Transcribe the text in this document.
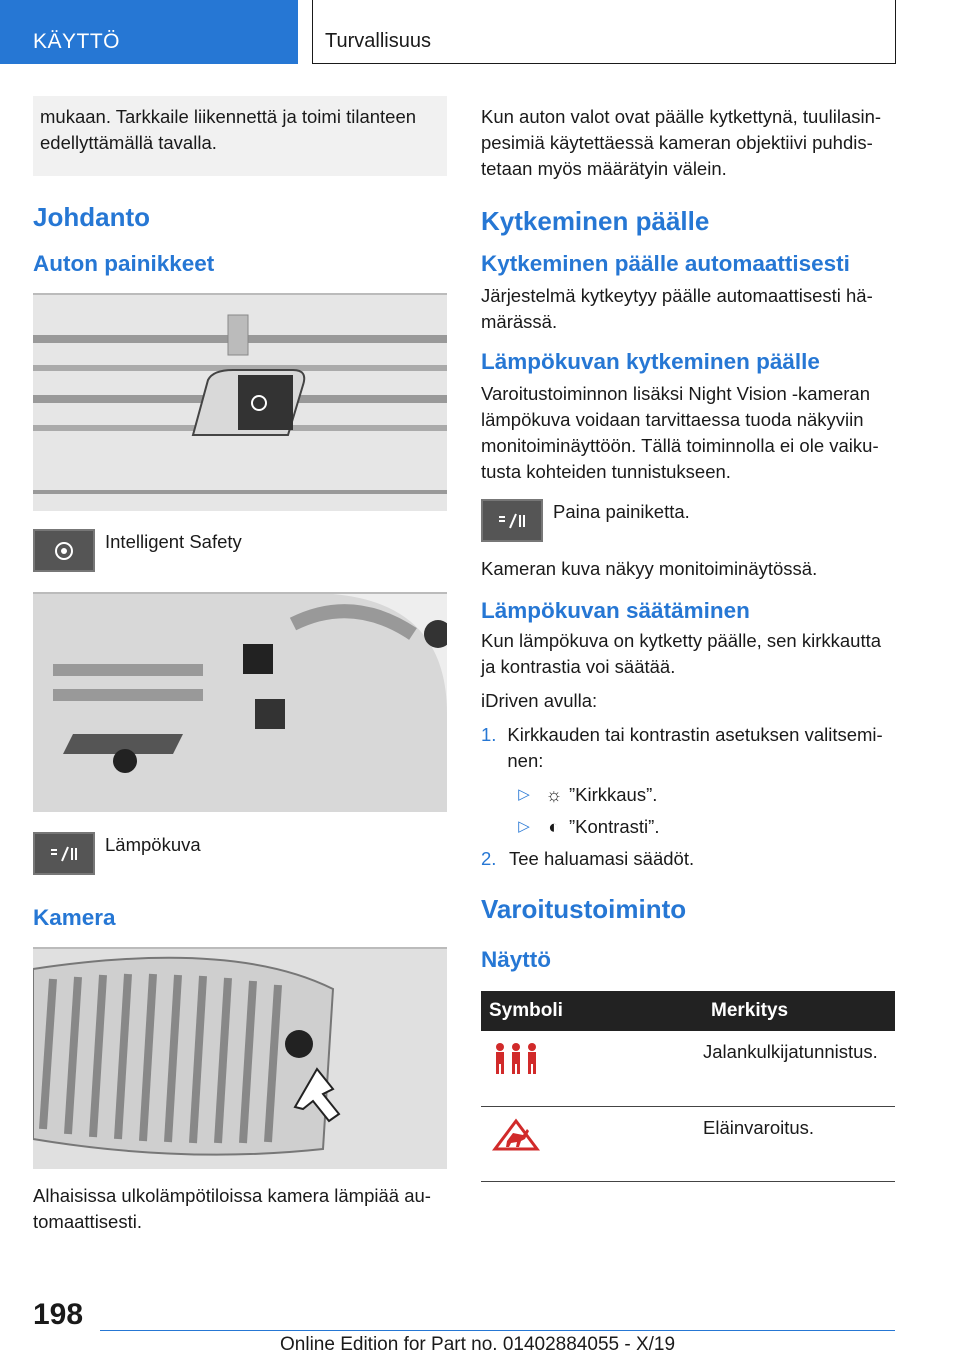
KÄYTTÖ	Turvallisuus
mukaan. Tarkkaile liikennettä ja toimi tilanteen edellyttämällä tavalla.
Johdanto
Auton painikkeet
Intelligent Safety
Lämpökuva
Kamera
Alhaisissa ulkolämpötiloissa kamera lämpiää au-tomaattisesti.
Kun auton valot ovat päälle kytkettynä, tuulilasin-pesimiä käytettäessä kameran objektiivi puhdis-tetaan myös määrätyin välein.
Kytkeminen päälle
Kytkeminen päälle automaattisesti
Järjestelmä kytkeytyy päälle automaattisesti hä-märässä.
Lämpökuvan kytkeminen päälle
Varoitustoiminnon lisäksi Night Vision -kameran lämpökuva voidaan tarvittaessa tuoda näkyviin monitoiminäyttöön. Tällä toiminnolla ei ole vaiku-tusta kohteiden tunnistukseen.
Paina painiketta.
Kameran kuva näkyy monitoiminäytössä.
Lämpökuvan säätäminen
Kun lämpökuva on kytketty päälle, sen kirkkautta ja kontrastia voi säätää.
iDriven avulla:
1. Kirkkauden tai kontrastin asetuksen valitsemi-nen:
▷ ☼ ”Kirkkaus”.
▷	◐ ”Kontrasti”.
2. Tee haluamasi säädöt.
Varoitustoiminto
Näyttö
Symboli	Merkitys
	Jalankulkijatunnistus.
	Eläinvaroitus.
198
Online Edition for Part no. 01402884055 - X/19
